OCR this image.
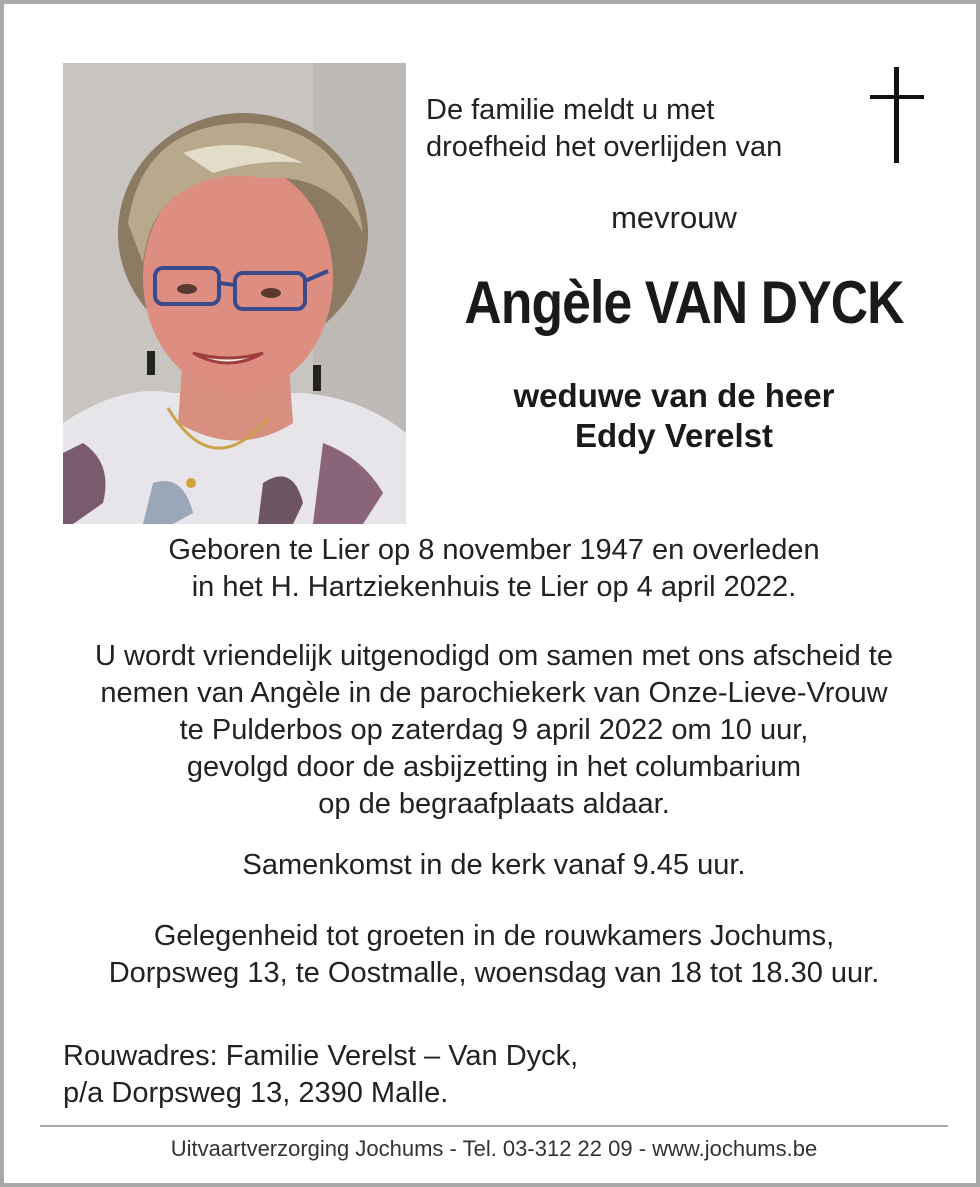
De familie meldt u met
droefheid het overlijden van
mevrouw
Angèle VAN DYCK
weduwe van de heer
Eddy Verelst
Geboren te Lier op 8 november 1947 en overleden
in het H. Hartziekenhuis te Lier op 4 april 2022.
U wordt vriendelijk uitgenodigd om samen met ons afscheid te
nemen van Angèle in de parochiekerk van Onze-Lieve-Vrouw
te Pulderbos op zaterdag 9 april 2022 om 10 uur,
gevolgd door de asbijzetting in het columbarium
op de begraafplaats aldaar.
Samenkomst in de kerk vanaf 9.45 uur.
Gelegenheid tot groeten in de rouwkamers Jochums,
Dorpsweg 13, te Oostmalle, woensdag van 18 tot 18.30 uur.
Rouwadres: Familie Verelst – Van Dyck,
p/a Dorpsweg 13, 2390 Malle.
Uitvaartverzorging Jochums - Tel. 03-312 22 09 - www.jochums.be
